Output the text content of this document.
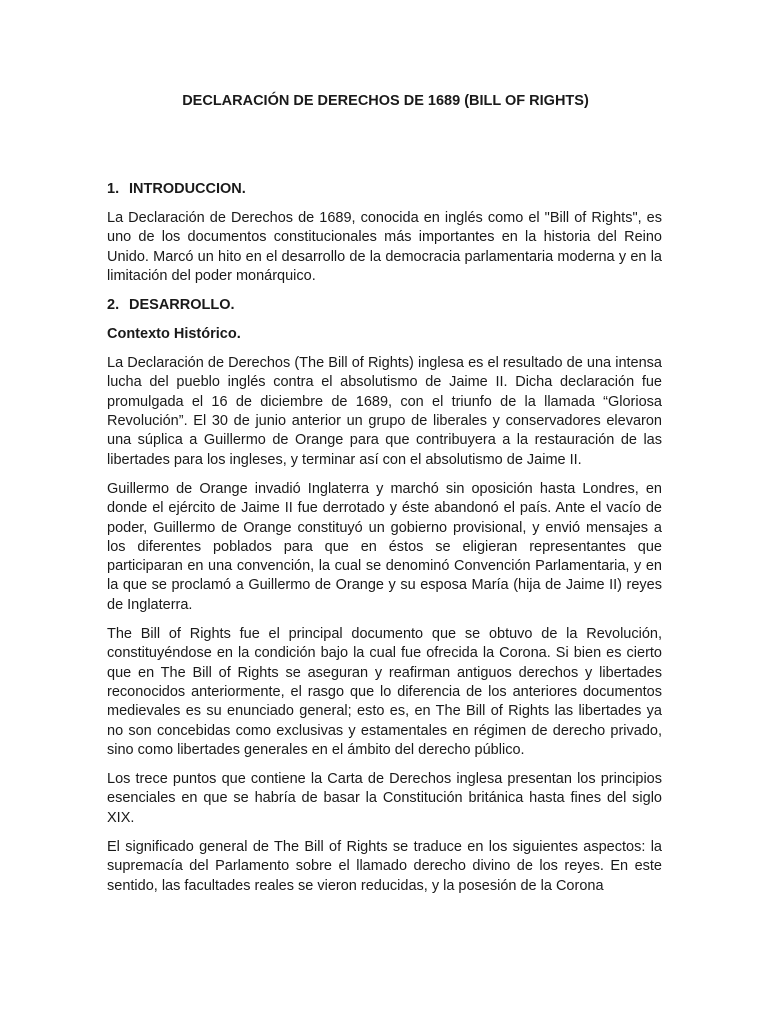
DECLARACIÓN DE DERECHOS DE 1689 (BILL OF RIGHTS)
1. INTRODUCCION.

La Declaración de Derechos de 1689, conocida en inglés como el "Bill of Rights", es uno de los documentos constitucionales más importantes en la historia del Reino Unido. Marcó un hito en el desarrollo de la democracia parlamentaria moderna y en la limitación del poder monárquico.

2. DESARROLLO.
Contexto Histórico.

La Declaración de Derechos (The Bill of Rights) inglesa es el resultado de una intensa lucha del pueblo inglés contra el absolutismo de Jaime II. Dicha declaración fue promulgada el 16 de diciembre de 1689, con el triunfo de la llamada “Gloriosa Revolución”. El 30 de junio anterior un grupo de liberales y conservadores elevaron una súplica a Guillermo de Orange para que contribuyera a la restauración de las libertades para los ingleses, y terminar así con el absolutismo de Jaime II.

Guillermo de Orange invadió Inglaterra y marchó sin oposición hasta Londres, en donde el ejército de Jaime II fue derrotado y éste abandonó el país. Ante el vacío de poder, Guillermo de Orange constituyó un gobierno provisional, y envió mensajes a los diferentes poblados para que en éstos se eligieran representantes que participaran en una convención, la cual se denominó Convención Parlamentaria, y en la que se proclamó a Guillermo de Orange y su esposa María (hija de Jaime II) reyes de Inglaterra.

The Bill of Rights fue el principal documento que se obtuvo de la Revolución, constituyéndose en la condición bajo la cual fue ofrecida la Corona. Si bien es cierto que en The Bill of Rights se aseguran y reafirman antiguos derechos y libertades reconocidos anteriormente, el rasgo que lo diferencia de los anteriores documentos medievales es su enunciado general; esto es, en The Bill of Rights las libertades ya no son concebidas como exclusivas y estamentales en régimen de derecho privado, sino como libertades generales en el ámbito del derecho público.

Los trece puntos que contiene la Carta de Derechos inglesa presentan los principios esenciales en que se habría de basar la Constitución británica hasta fines del siglo XIX.

El significado general de The Bill of Rights se traduce en los siguientes aspectos: la supremacía del Parlamento sobre el llamado derecho divino de los reyes. En este sentido, las facultades reales se vieron reducidas, y la posesión de la Corona
